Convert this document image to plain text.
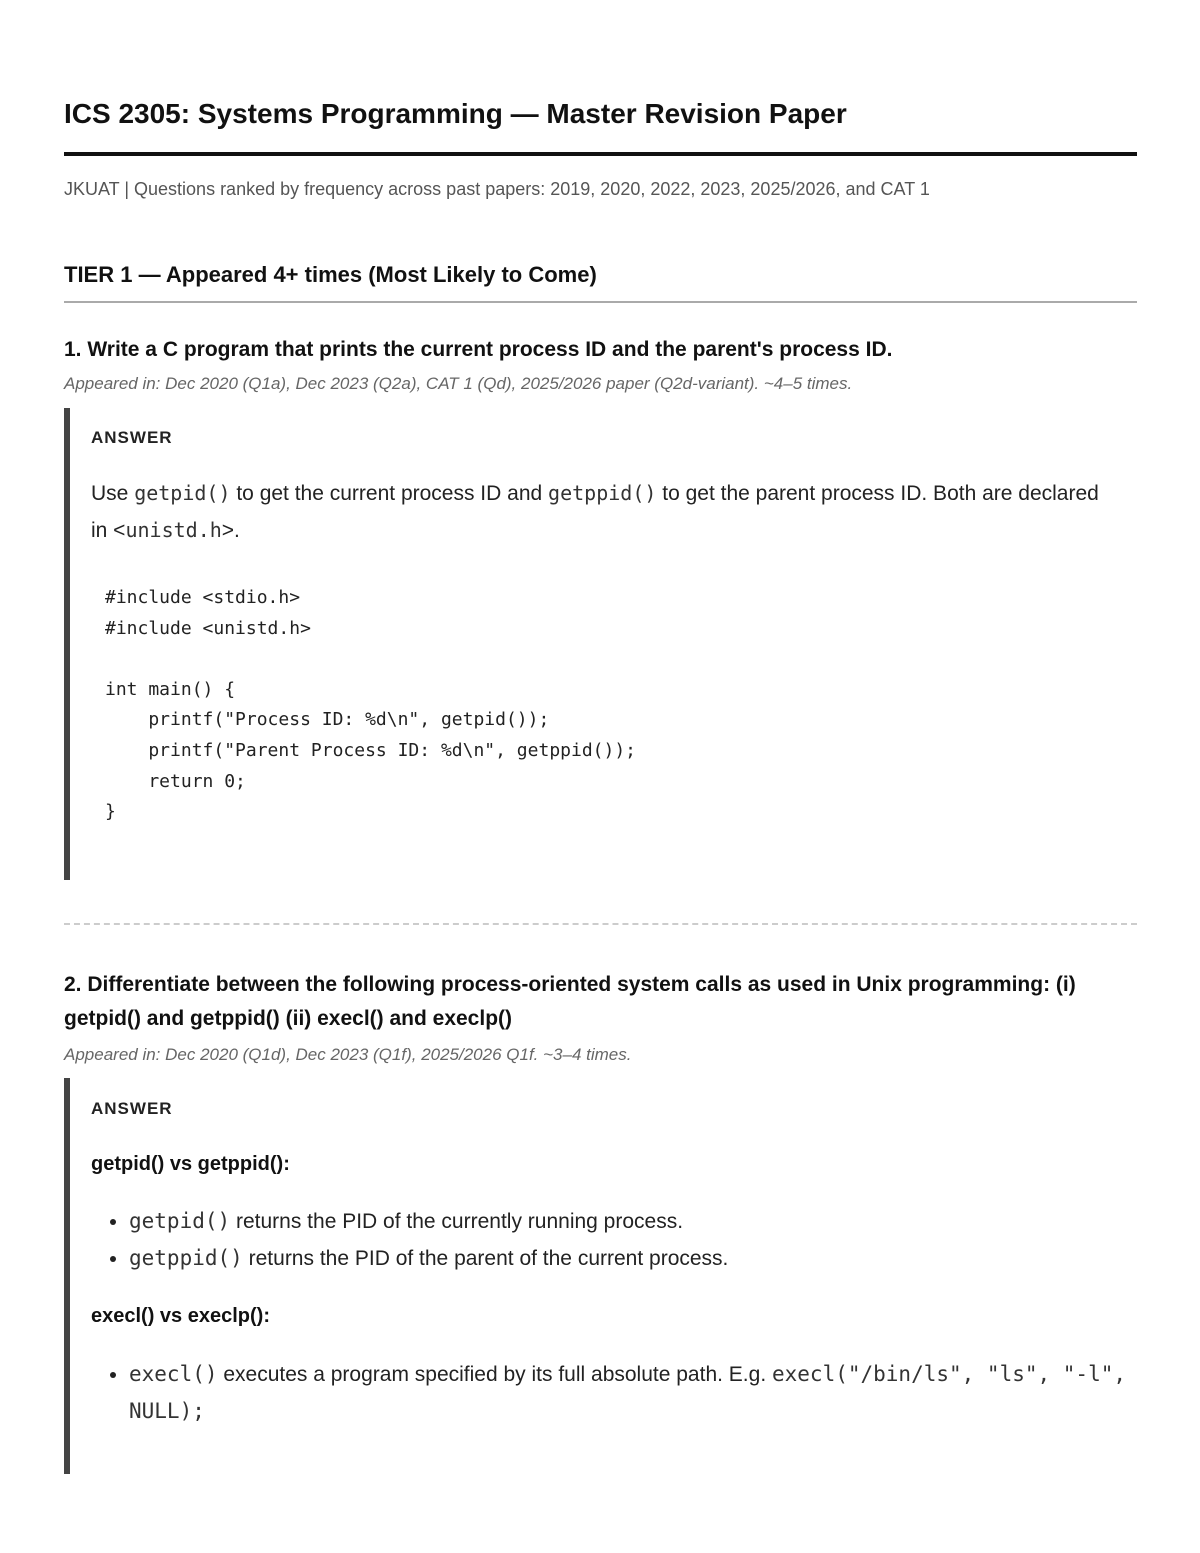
ICS 2305: Systems Programming — Master Revision Paper
JKUAT | Questions ranked by frequency across past papers: 2019, 2020, 2022, 2023, 2025/2026, and CAT 1
TIER 1 — Appeared 4+ times (Most Likely to Come)
1. Write a C program that prints the current process ID and the parent's process ID.
Appeared in: Dec 2020 (Q1a), Dec 2023 (Q2a), CAT 1 (Qd), 2025/2026 paper (Q2d-variant). ~4–5 times.
ANSWER
Use getpid() to get the current process ID and getppid() to get the parent process ID. Both are declared in <unistd.h>.
#include <stdio.h>
#include <unistd.h>

int main() {
printf("Process ID: %d\n", getpid());
printf("Parent Process ID: %d\n", getppid());
return 0;
}
2. Differentiate between the following process-oriented system calls as used in Unix programming: (i) getpid() and getppid() (ii) execl() and execlp()
Appeared in: Dec 2020 (Q1d), Dec 2023 (Q1f), 2025/2026 Q1f. ~3–4 times.
ANSWER
getpid() vs getppid():
• getpid() returns the PID of the currently running process.
• getppid() returns the PID of the parent of the current process.
execl() vs execlp():
• execl() executes a program specified by its full absolute path. E.g. execl("/bin/ls", "ls", "-l", NULL);
